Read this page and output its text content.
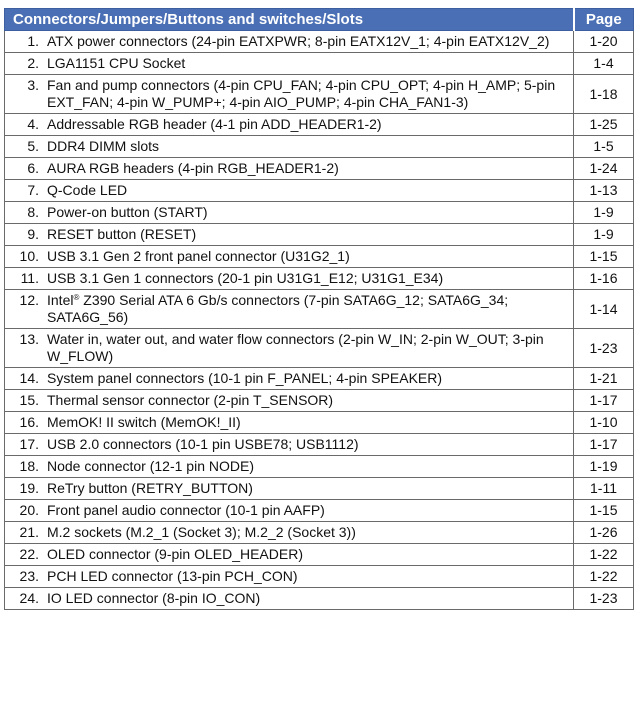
Connectors/Jumpers/Buttons and switches/Slots	Page

1. ATX power connectors (24-pin EATXPWR; 8-pin EATX12V_1; 4-pin EATX12V_2)	1-20

2. LGA1151 CPU Socket	1-4

3. Fan and pump connectors (4-pin CPU_FAN; 4-pin CPU_OPT; 4-pin H_AMP; 5-pin EXT_FAN; 4-pin W_PUMP+; 4-pin AIO_PUMP; 4-pin CHA_FAN1-3)	1-18

4. Addressable RGB header (4-1 pin ADD_HEADER1-2)	1-25

5. DDR4 DIMM slots	1-5

6. AURA RGB headers (4-pin RGB_HEADER1-2)	1-24

7. Q-Code LED	1-13

8. Power-on button (START)	1-9

9. RESET button (RESET)	1-9

10. USB 3.1 Gen 2 front panel connector (U31G2_1)	1-15

11. USB 3.1 Gen 1 connectors (20-1 pin U31G1_E12; U31G1_E34)	1-16

12. Intel® Z390 Serial ATA 6 Gb/s connectors (7-pin SATA6G_12; SATA6G_34; SATA6G_56)	1-14

13. Water in, water out, and water flow connectors (2-pin W_IN; 2-pin W_OUT; 3-pin W_FLOW)	1-23

14. System panel connectors (10-1 pin F_PANEL; 4-pin SPEAKER)	1-21

15. Thermal sensor connector (2-pin T_SENSOR)	1-17

16. MemOK! II switch (MemOK!_II)	1-10

17. USB 2.0 connectors (10-1 pin USBE78; USB1112)	1-17

18. Node connector (12-1 pin NODE)	1-19

19. ReTry button (RETRY_BUTTON)	1-11

20. Front panel audio connector (10-1 pin AAFP)	1-15

21. M.2 sockets (M.2_1 (Socket 3); M.2_2 (Socket 3))	1-26

22. OLED connector (9-pin OLED_HEADER)	1-22

23. PCH LED connector (13-pin PCH_CON)	1-22

24. IO LED connector (8-pin IO_CON)	1-23
